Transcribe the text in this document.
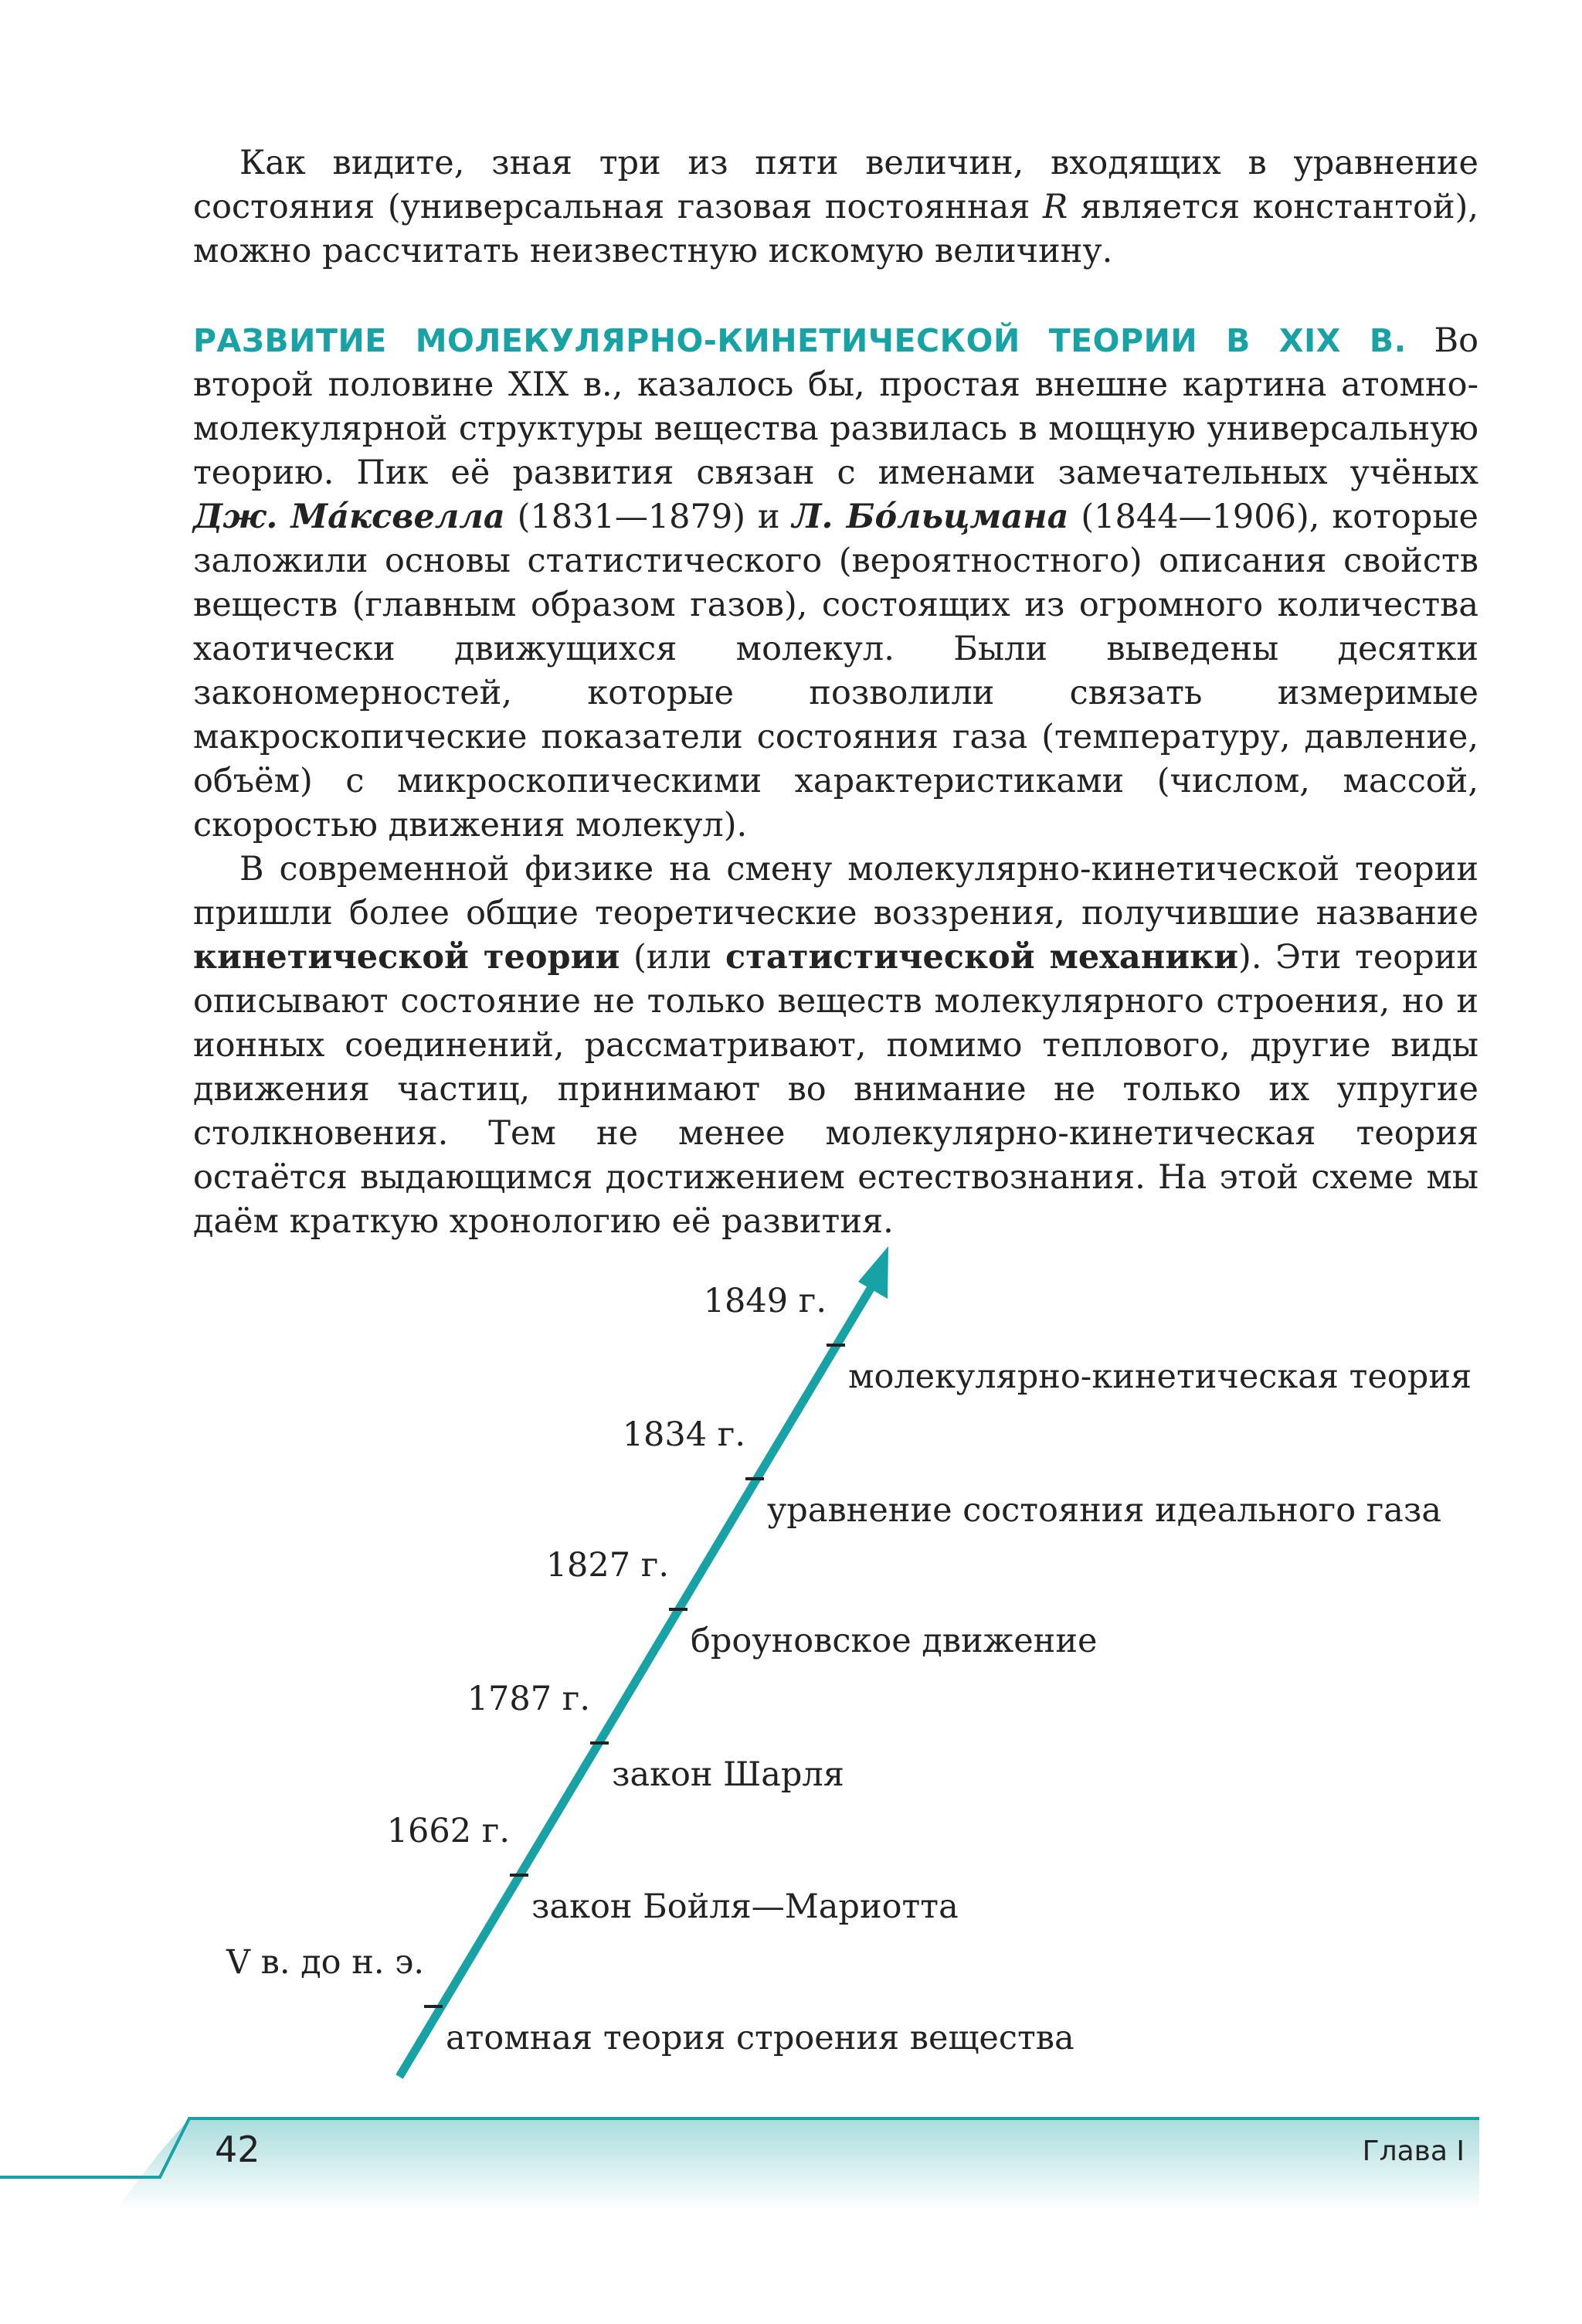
Как видите, зная три из пяти величин, входящих в уравнение состояния (универсальная газовая постоянная R является константой), можно рассчитать неизвестную искомую величину.

РАЗВИТИЕ МОЛЕКУЛЯРНО-КИНЕТИЧЕСКОЙ ТЕОРИИ В XIX В. Во второй половине XIX в., казалось бы, простая внешне картина атомно-молекулярной структуры вещества развилась в мощную универсальную теорию. Пик её развития связан с именами замечательных учёных Дж. Ма́ксвелла (1831—1879) и Л. Бо́льцмана (1844—1906), которые заложили основы статистического (вероятностного) описания свойств веществ (главным образом газов), состоящих из огромного количества хаотически движущихся молекул. Были выведены десятки закономерностей, которые позволили связать измеримые макроскопические показатели состояния газа (температуру, давление, объём) с микроскопическими характеристиками (числом, массой, скоростью движения молекул).

В современной физике на смену молекулярно-кинетической теории пришли более общие теоретические воззрения, получившие название кинетической теории (или статистической механики). Эти теории описывают состояние не только веществ молекулярного строения, но и ионных соединений, рассматривают, помимо теплового, другие виды движения частиц, принимают во внимание не только их упругие столкновения. Тем не менее молекулярно-кинетическая теория остаётся выдающимся достижением естествознания. На этой схеме мы даём краткую хронологию её развития.

V в. до н. э.
атомная теория строения вещества
1662 г.
закон Бойля—Мариотта
1787 г.
закон Шарля
1827 г.
броуновское движение
1834 г.
уравнение состояния идеального газа
1849 г.
молекулярно-кинетическая теория
42	Глава I
